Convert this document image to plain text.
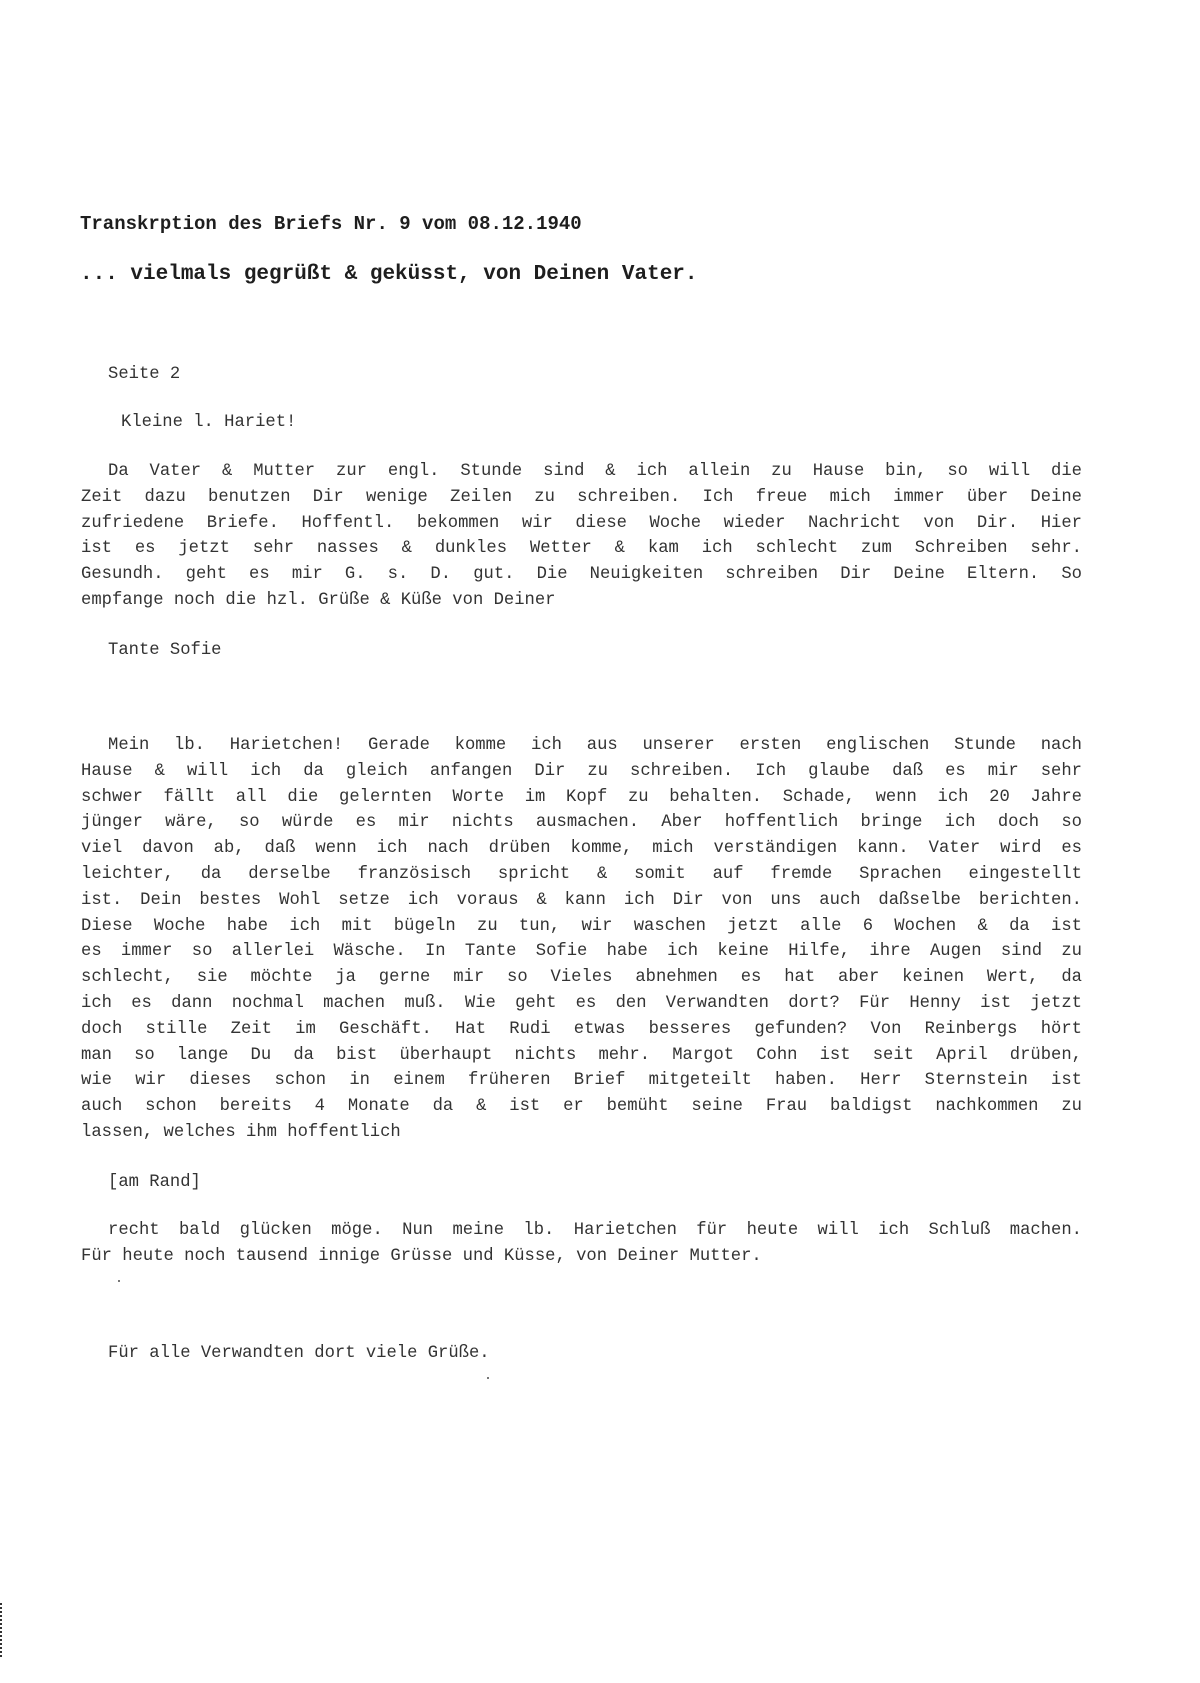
Transkrption des Briefs Nr. 9 vom 08.12.1940
... vielmals gegrüßt & geküsst, von Deinen Vater.
Seite 2
Kleine l. Hariet!
Da Vater & Mutter zur engl. Stunde sind & ich allein zu Hause bin, so will die
Zeit dazu benutzen Dir wenige Zeilen zu schreiben. Ich freue mich immer über Deine
zufriedene Briefe. Hoffentl. bekommen wir diese Woche wieder Nachricht von Dir. Hier
ist es jetzt sehr nasses & dunkles Wetter & kam ich schlecht zum Schreiben sehr.
Gesundh. geht es mir G. s. D. gut. Die Neuigkeiten schreiben Dir Deine Eltern. So
empfange noch die hzl. Grüße & Küße von Deiner
Tante Sofie
Mein lb. Harietchen! Gerade komme ich aus unserer ersten englischen Stunde nach
Hause & will ich da gleich anfangen Dir zu schreiben. Ich glaube daß es mir sehr
schwer fällt all die gelernten Worte im Kopf zu behalten. Schade, wenn ich 20 Jahre
jünger wäre, so würde es mir nichts ausmachen. Aber hoffentlich bringe ich doch so
viel davon ab, daß wenn ich nach drüben komme, mich verständigen kann. Vater wird es
leichter, da derselbe französisch spricht & somit auf fremde Sprachen eingestellt
ist. Dein bestes Wohl setze ich voraus & kann ich Dir von uns auch daßselbe berichten.
Diese Woche habe ich mit bügeln zu tun, wir waschen jetzt alle 6 Wochen & da ist
es immer so allerlei Wäsche. In Tante Sofie habe ich keine Hilfe, ihre Augen sind zu
schlecht, sie möchte ja gerne mir so Vieles abnehmen es hat aber keinen Wert, da
ich es dann nochmal machen muß. Wie geht es den Verwandten dort? Für Henny ist jetzt
doch stille Zeit im Geschäft. Hat Rudi etwas besseres gefunden? Von Reinbergs hört
man so lange Du da bist überhaupt nichts mehr. Margot Cohn ist seit April drüben,
wie wir dieses schon in einem früheren Brief mitgeteilt haben. Herr Sternstein ist
auch schon bereits 4 Monate da & ist er bemüht seine Frau baldigst nachkommen zu
lassen, welches ihm hoffentlich
[am Rand]
recht bald glücken möge. Nun meine lb. Harietchen für heute will ich Schluß machen.
Für heute noch tausend innige Grüsse und Küsse, von Deiner Mutter.
Für alle Verwandten dort viele Grüße.
